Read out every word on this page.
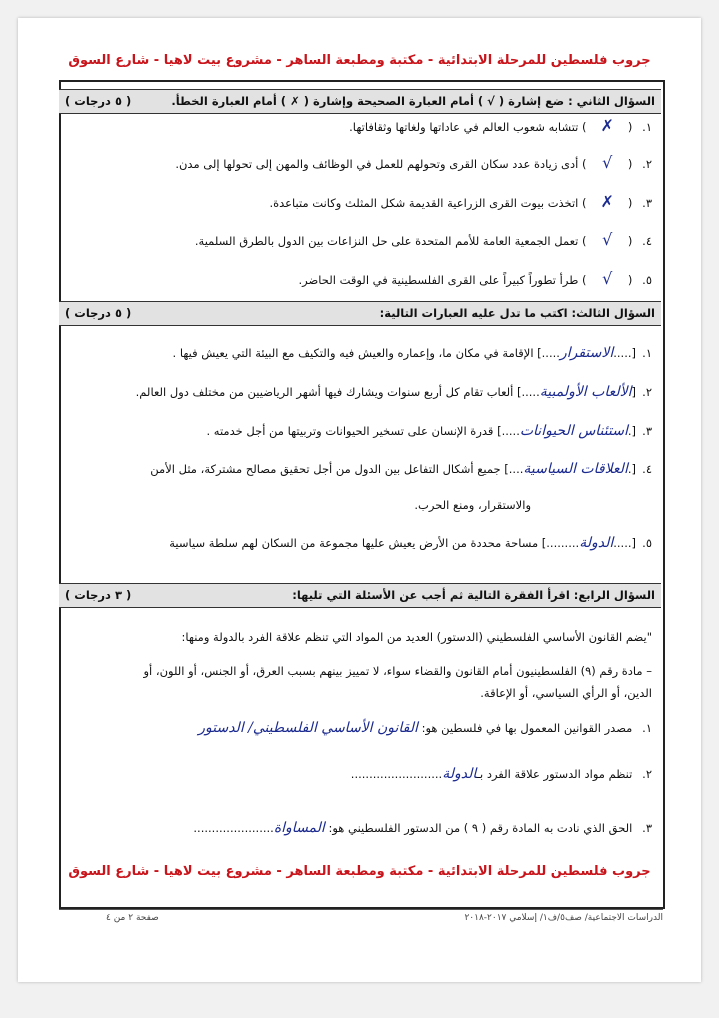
جروب فلسطين للمرحلة الابتدائية - مكتبة ومطبعة الساهر - مشروع بيت لاهيا - شارع السوق
السؤال الثاني : ضع إشارة ( √ ) أمام العبارة الصحيحة وإشارة ( ✗ ) أمام العبارة الخطأ.
( ٥ درجات )
١. ( ✗ ) تتشابه شعوب العالم في عاداتها ولغاتها وثقافاتها.
٢. ( √ ) أدى زيادة عدد سكان القرى وتحولهم للعمل في الوظائف والمهن إلى تحولها إلى مدن.
٣. ( ✗ ) اتخذت بيوت القرى الزراعية القديمة شكل المثلث وكانت متباعدة.
٤. ( √ ) تعمل الجمعية العامة للأمم المتحدة على حل النزاعات بين الدول بالطرق السلمية.
٥. ( √ ) طرأ تطوراً كبيراً على القرى الفلسطينية في الوقت الحاضر.
السؤال الثالث: اكتب ما تدل عليه العبارات التالية:
( ٥ درجات )
١.[.....الاستقرار.....] الإقامة في مكان ما، وإعماره والعيش فيه والتكيف مع البيئة التي يعيش فيها .
٢.[الألعاب الأولمبية.....] ألعاب تقام كل أربع سنوات ويشارك فيها أشهر الرياضيين من مختلف دول العالم.
٣.[.استئناس الحيوانات.....] قدرة الإنسان على تسخير الحيوانات وتربيتها من أجل خدمته .
٤.[.العلاقات السياسية....] جميع أشكال التفاعل بين الدول من أجل تحقيق مصالح مشتركة، مثل الأمن
والاستقرار، ومنع الحرب.
٥.[.....الدولة.........] مساحة محددة من الأرض يعيش عليها مجموعة من السكان لهم سلطة سياسية
السؤال الرابع: اقرأ الفقرة التالية ثم أجب عن الأسئلة التي تليها:
( ٣ درجات )
"يضم القانون الأساسي الفلسطيني (الدستور) العديد من المواد التي تنظم علاقة الفرد بالدولة ومنها:
– مادة رقم (٩) الفلسطينيون أمام القانون والقضاء سواء، لا تمييز بينهم بسبب العرق، أو الجنس، أو اللون، أو
الدين، أو الرأي السياسي، أو الإعاقة.
١. مصدر القوانين المعمول بها في فلسطين هو: القانون الأساسي الفلسطيني/ الدستور
٢. تنظم مواد الدستور علاقة الفرد بـالدولة.........................
٣. الحق الذي نادت به المادة رقم ( ٩ ) من الدستور الفلسطيني هو: المساواة......................
جروب فلسطين للمرحلة الابتدائية - مكتبة ومطبعة الساهر - مشروع بيت لاهيا - شارع السوق
الدراسات الاجتماعية/ صف٥/ف١/ إسلامي ٢٠١٧-٢٠١٨
صفحة ٢ من ٤
